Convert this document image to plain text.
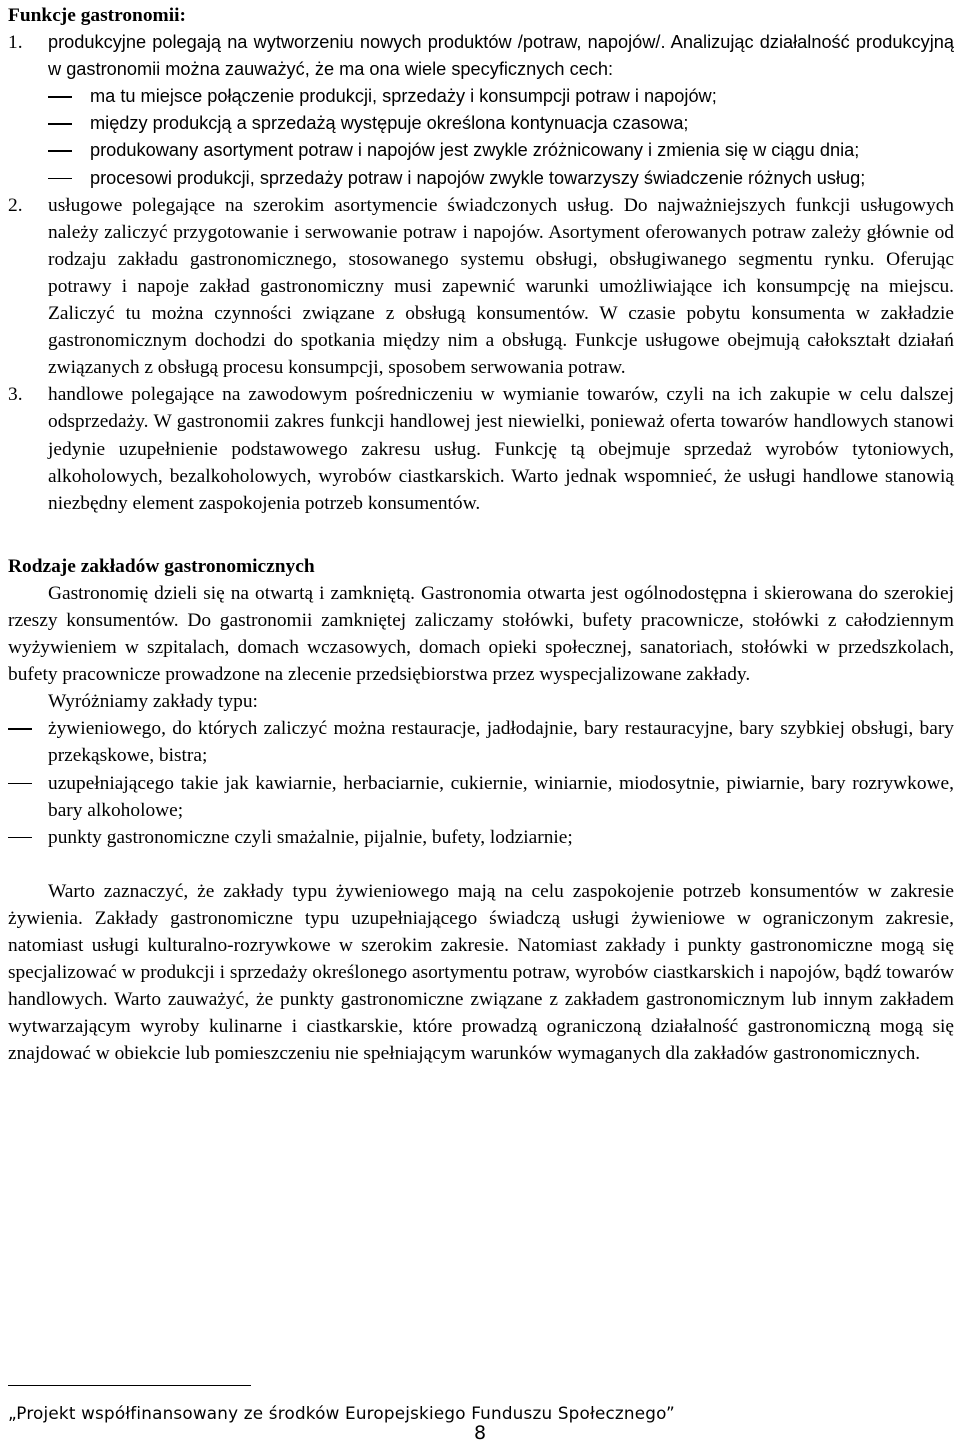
Funkcje gastronomii:

1. produkcyjne polegają na wytworzeniu nowych produktów /potraw, napojów/. Analizując działalność produkcyjną w gastronomii można zauważyć, że ma ona wiele specyficznych cech:
ma tu miejsce połączenie produkcji, sprzedaży i konsumpcji potraw i napojów;
między produkcją a sprzedażą występuje określona kontynuacja czasowa;
produkowany asortyment potraw i napojów jest zwykle zróżnicowany i zmienia się w ciągu dnia;
procesowi produkcji, sprzedaży potraw i napojów zwykle towarzyszy świadczenie różnych usług;
2. usługowe polegające na szerokim asortymencie świadczonych usług. Do najważniejszych funkcji usługowych należy zaliczyć przygotowanie i serwowanie potraw i napojów. Asortyment oferowanych potraw zależy głównie od rodzaju zakładu gastronomicznego, stosowanego systemu obsługi, obsługiwanego segmentu rynku. Oferując potrawy i napoje zakład gastronomiczny musi zapewnić warunki umożliwiające ich konsumpcję na miejscu. Zaliczyć tu można czynności związane z obsługą konsumentów. W czasie pobytu konsumenta w zakładzie gastronomicznym dochodzi do spotkania między nim a obsługą. Funkcje usługowe obejmują całokształt działań związanych z obsługą procesu konsumpcji, sposobem serwowania potraw.
3. handlowe polegające na zawodowym pośredniczeniu w wymianie towarów, czyli na ich zakupie w celu dalszej odsprzedaży. W gastronomii zakres funkcji handlowej jest niewielki, ponieważ oferta towarów handlowych stanowi jedynie uzupełnienie podstawowego zakresu usług. Funkcję tą obejmuje sprzedaż wyrobów tytoniowych, alkoholowych, bezalkoholowych, wyrobów ciastkarskich. Warto jednak wspomnieć, że usługi handlowe stanowią niezbędny element zaspokojenia potrzeb konsumentów.

Rodzaje zakładów gastronomicznych

Gastronomię dzieli się na otwartą i zamkniętą. Gastronomia otwarta jest ogólnodostępna i skierowana do szerokiej rzeszy konsumentów. Do gastronomii zamkniętej zaliczamy stołówki, bufety pracownicze, stołówki z całodziennym wyżywieniem w szpitalach, domach wczasowych, domach opieki społecznej, sanatoriach, stołówki w przedszkolach, bufety pracownicze prowadzone na zlecenie przedsiębiorstwa przez wyspecjalizowane zakłady.

Wyróżniamy zakłady typu:

żywieniowego, do których zaliczyć można restauracje, jadłodajnie, bary restauracyjne, bary szybkiej obsługi, bary przekąskowe, bistra;
uzupełniającego takie jak kawiarnie, herbaciarnie, cukiernie, winiarnie, miodosytnie, piwiarnie, bary rozrywkowe, bary alkoholowe;
punkty gastronomiczne czyli smażalnie, pijalnie, bufety, lodziarnie;

Warto zaznaczyć, że zakłady typu żywieniowego mają na celu zaspokojenie potrzeb konsumentów w zakresie żywienia. Zakłady gastronomiczne typu uzupełniającego świadczą usługi żywieniowe w ograniczonym zakresie, natomiast usługi kulturalno-rozrywkowe w szerokim zakresie. Natomiast zakłady i punkty gastronomiczne mogą się specjalizować w produkcji i sprzedaży określonego asortymentu potraw, wyrobów ciastkarskich i napojów, bądź towarów handlowych. Warto zauważyć, że punkty gastronomiczne związane z zakładem gastronomicznym lub innym zakładem wytwarzającym wyroby kulinarne i ciastkarskie, które prowadzą ograniczoną działalność gastronomiczną mogą się znajdować w obiekcie lub pomieszczeniu nie spełniającym warunków wymaganych dla zakładów gastronomicznych.

„Projekt współfinansowany ze środków Europejskiego Funduszu Społecznego”
8
